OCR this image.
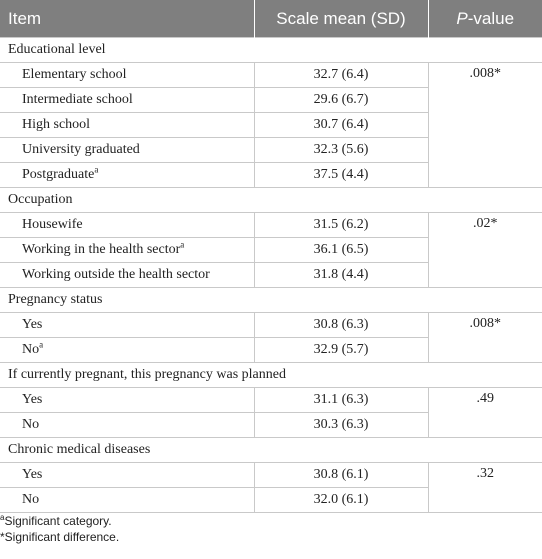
Item	Scale mean (SD)	P-value
Educational level		
Elementary school	32.7 (6.4)	.008*
Intermediate school	29.6 (6.7)	
High school	30.7 (6.4)	
University graduated	32.3 (5.6)	
Postgraduate$^a$	37.5 (4.4)	
Occupation		
Housewife	31.5 (6.2)	.02*
Working in the health sector$^a$	36.1 (6.5)	
Working outside the health sector	31.8 (4.4)	
Pregnancy status		
Yes	30.8 (6.3)	.008*
No$^a$	32.9 (5.7)	
If currently pregnant, this pregnancy was planned		
Yes	31.1 (6.3)	.49
No	30.3 (6.3)	
Chronic medical diseases		
Yes	30.8 (6.1)	.32
No	32.0 (6.1)	
$^a$Significant category.
*Significant difference.
